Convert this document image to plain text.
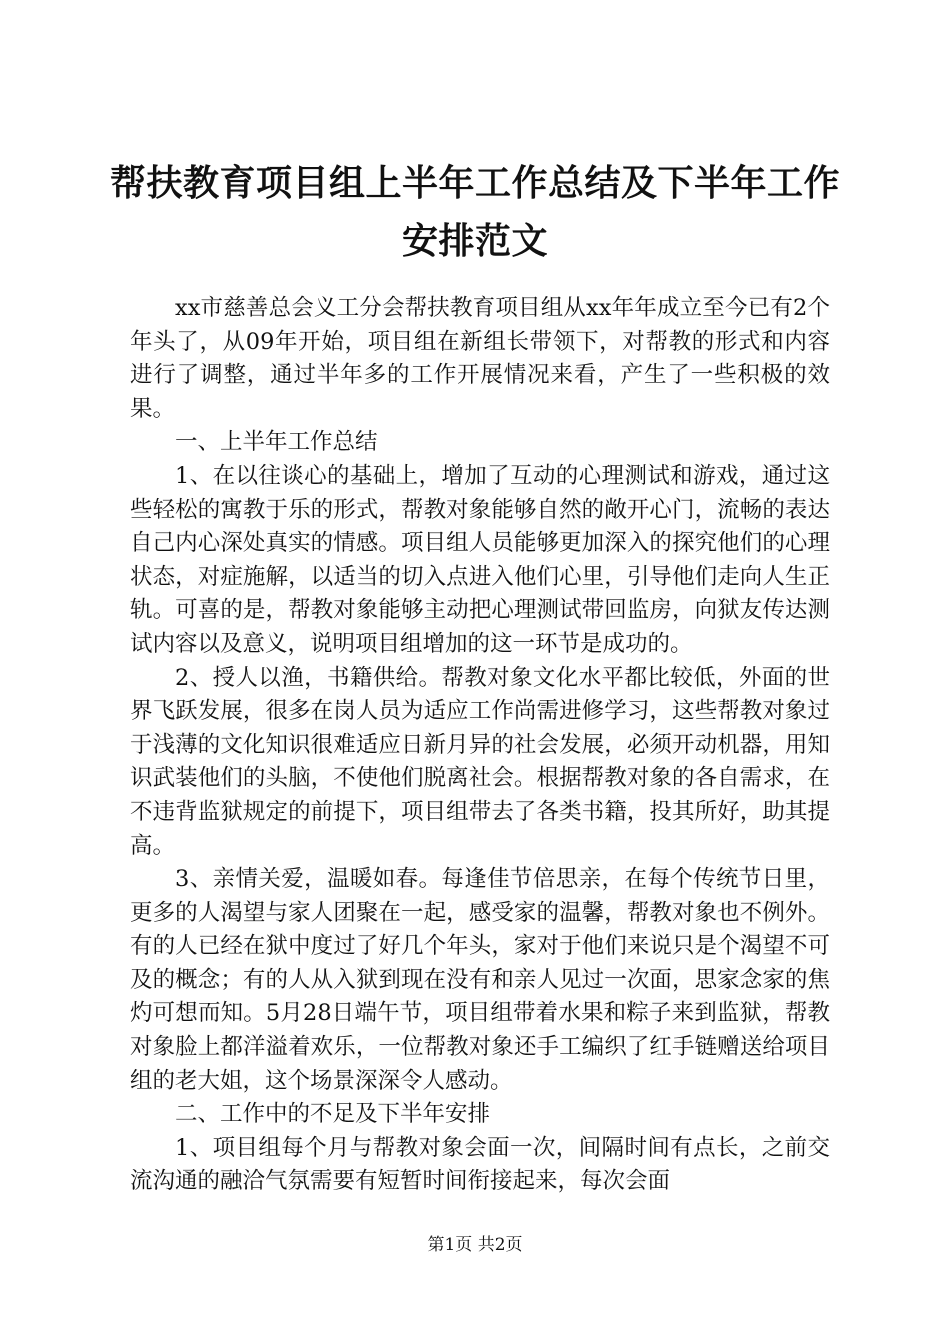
帮扶教育项目组上半年工作总结及下半年工作安排范文

xx市慈善总会义工分会帮扶教育项目组从xx年年成立至今已有2个年头了，从09年开始，项目组在新组长带领下，对帮教的形式和内容进行了调整，通过半年多的工作开展情况来看，产生了一些积极的效果。

一、上半年工作总结

1、在以往谈心的基础上，增加了互动的心理测试和游戏，通过这些轻松的寓教于乐的形式，帮教对象能够自然的敞开心门，流畅的表达自己内心深处真实的情感。项目组人员能够更加深入的探究他们的心理状态，对症施解，以适当的切入点进入他们心里，引导他们走向人生正轨。可喜的是，帮教对象能够主动把心理测试带回监房，向狱友传达测试内容以及意义，说明项目组增加的这一环节是成功的。

2、授人以渔，书籍供给。帮教对象文化水平都比较低，外面的世界飞跃发展，很多在岗人员为适应工作尚需进修学习，这些帮教对象过于浅薄的文化知识很难适应日新月异的社会发展，必须开动机器，用知识武装他们的头脑，不使他们脱离社会。根据帮教对象的各自需求，在不违背监狱规定的前提下，项目组带去了各类书籍，投其所好，助其提高。

3、亲情关爱，温暖如春。每逢佳节倍思亲，在每个传统节日里，更多的人渴望与家人团聚在一起，感受家的温馨，帮教对象也不例外。有的人已经在狱中度过了好几个年头，家对于他们来说只是个渴望不可及的概念；有的人从入狱到现在没有和亲人见过一次面，思家念家的焦灼可想而知。5月28日端午节，项目组带着水果和粽子来到监狱，帮教对象脸上都洋溢着欢乐，一位帮教对象还手工编织了红手链赠送给项目组的老大姐，这个场景深深令人感动。

二、工作中的不足及下半年安排

1、项目组每个月与帮教对象会面一次，间隔时间有点长，之前交流沟通的融洽气氛需要有短暂时间衔接起来，每次会面

第1页 共2页
